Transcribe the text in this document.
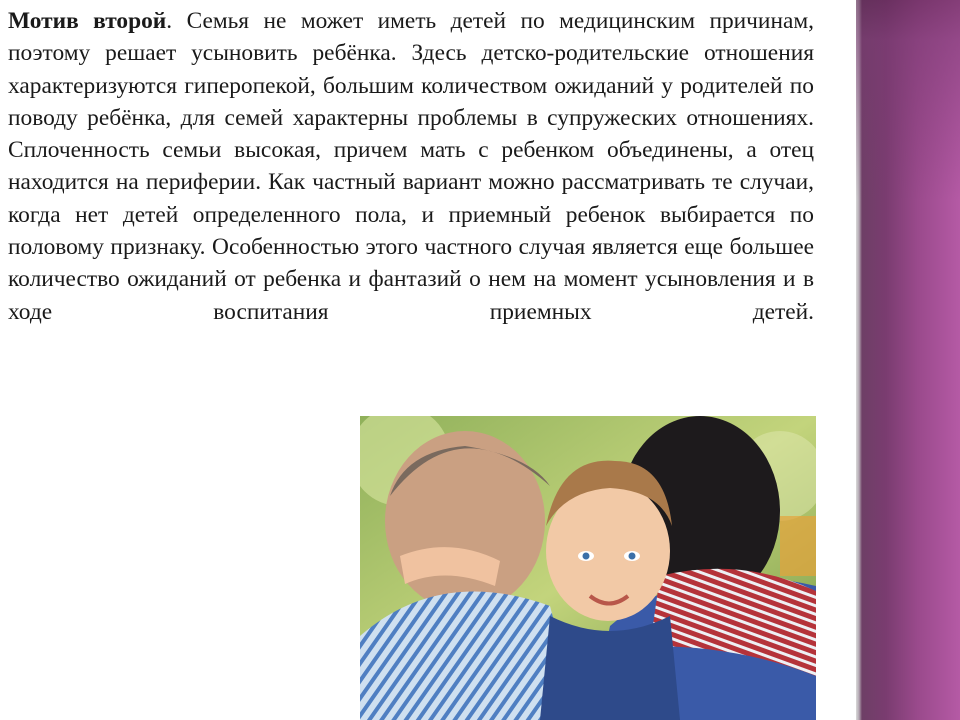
Мотив второй. Семья не может иметь детей по медицинским причинам, поэтому решает усыновить ребёнка. Здесь детско-родительские отношения характеризуются гиперопекой, большим количеством ожиданий у родителей по поводу ребёнка, для семей характерны проблемы в супружеских отношениях. Сплоченность семьи высокая, причем мать с ребенком объединены, а отец находится на периферии. Как частный вариант можно рассматривать те случаи, когда нет детей определенного пола, и приемный ребенок выбирается по половому признаку. Особенностью этого частного случая является еще большее количество ожиданий от ребенка и фантазий о нем на момент усыновления и в ходе воспитания приемных детей.
